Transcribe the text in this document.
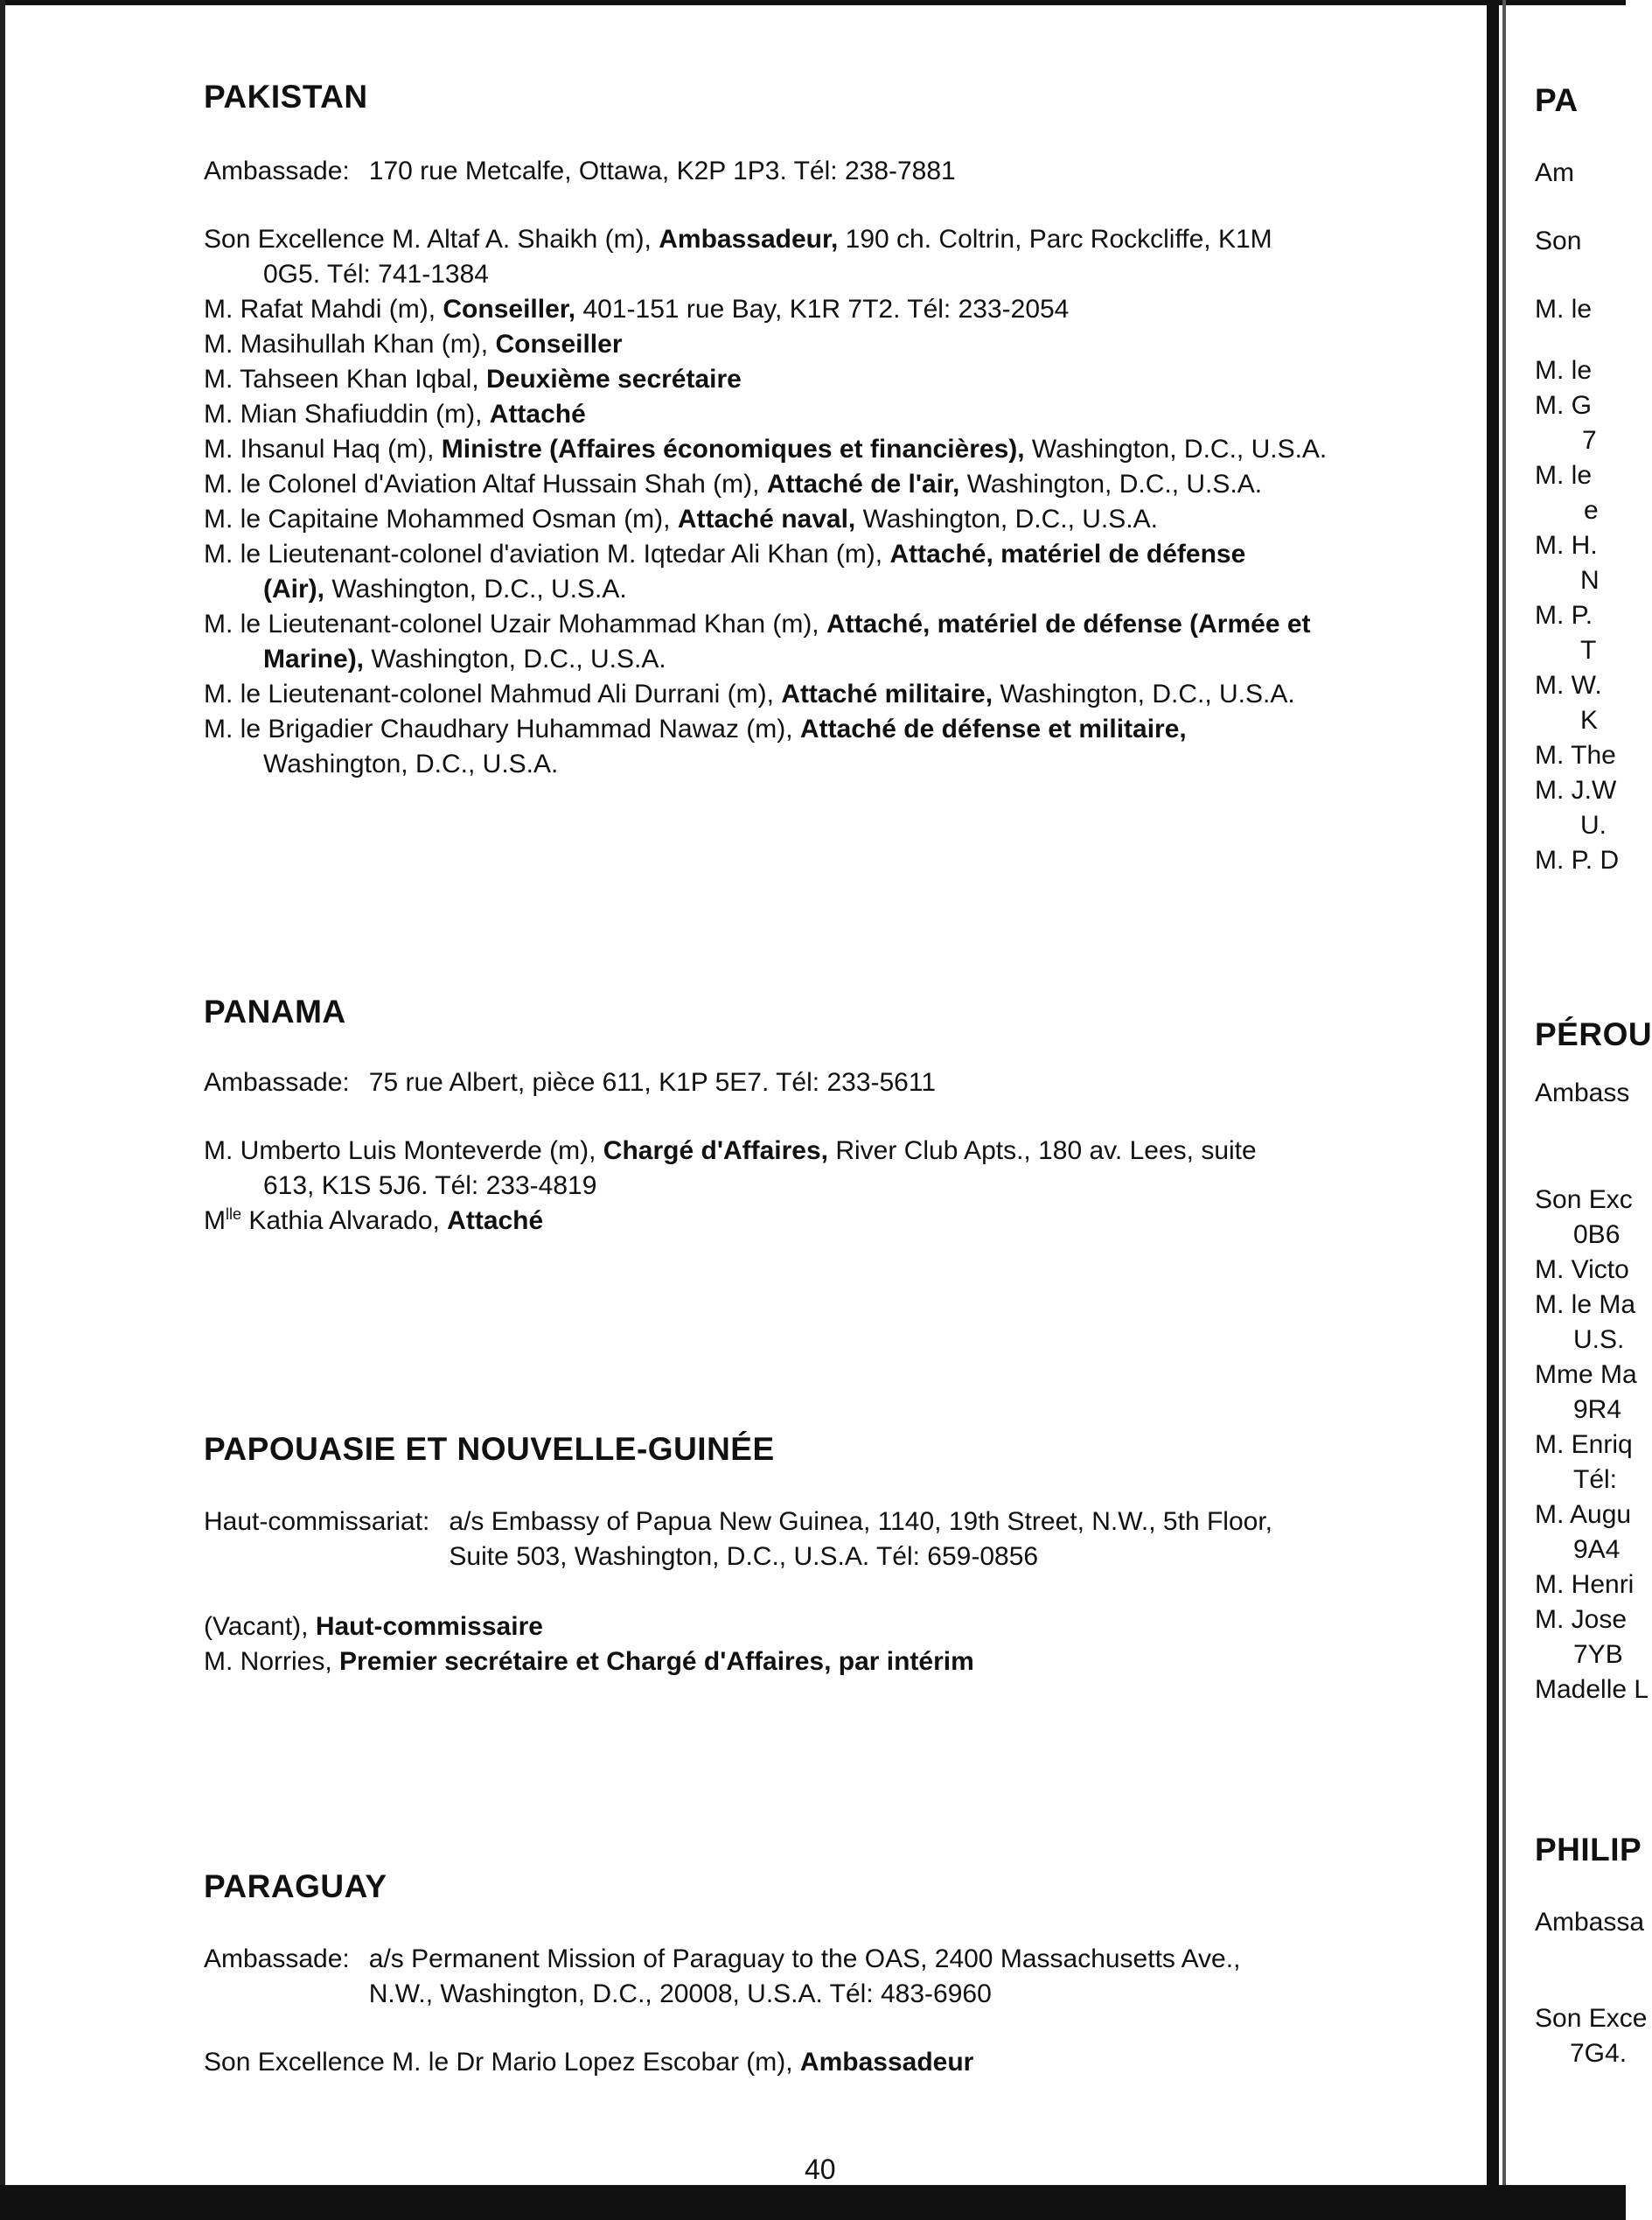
PAKISTAN
Ambassade: 170 rue Metcalfe, Ottawa, K2P 1P3. Tél: 238-7881
Son Excellence M. Altaf A. Shaikh (m), Ambassadeur, 190 ch. Coltrin, Parc Rockcliffe, K1M
0G5. Tél: 741-1384
M. Rafat Mahdi (m), Conseiller, 401-151 rue Bay, K1R 7T2. Tél: 233-2054
M. Masihullah Khan (m), Conseiller
M. Tahseen Khan Iqbal, Deuxième secrétaire
M. Mian Shafiuddin (m), Attaché
M. Ihsanul Haq (m), Ministre (Affaires économiques et financières), Washington, D.C., U.S.A.
M. le Colonel d'Aviation Altaf Hussain Shah (m), Attaché de l'air, Washington, D.C., U.S.A.
M. le Capitaine Mohammed Osman (m), Attaché naval, Washington, D.C., U.S.A.
M. le Lieutenant-colonel d'aviation M. Iqtedar Ali Khan (m), Attaché, matériel de défense
(Air), Washington, D.C., U.S.A.
M. le Lieutenant-colonel Uzair Mohammad Khan (m), Attaché, matériel de défense (Armée et
Marine), Washington, D.C., U.S.A.
M. le Lieutenant-colonel Mahmud Ali Durrani (m), Attaché militaire, Washington, D.C., U.S.A.
M. le Brigadier Chaudhary Huhammad Nawaz (m), Attaché de défense et militaire,
Washington, D.C., U.S.A.
PANAMA
Ambassade: 75 rue Albert, pièce 611, K1P 5E7. Tél: 233-5611
M. Umberto Luis Monteverde (m), Chargé d'Affaires, River Club Apts., 180 av. Lees, suite
613, K1S 5J6. Tél: 233-4819
$M^{lle}$ Kathia Alvarado, Attaché
PAPOUASIE ET NOUVELLE-GUINÉE
Haut-commissariat: a/s Embassy of Papua New Guinea, 1140, 19th Street, N.W., 5th Floor,
Suite 503, Washington, D.C., U.S.A. Tél: 659-0856
(Vacant), Haut-commissaire
M. Norries, Premier secrétaire et Chargé d'Affaires, par intérim
PARAGUAY
Ambassade: a/s Permanent Mission of Paraguay to the OAS, 2400 Massachusetts Ave.,
N.W., Washington, D.C., 20008, U.S.A. Tél: 483-6960
Son Excellence M. le Dr Mario Lopez Escobar (m), Ambassadeur
40
PA
Am
Son
M. le
M. le
M. G
7
M. le
e
M. H.
N
M. P.
T
M. W.
K
M. The
M. J.W
U.
M. P. D
PÉROU
Ambass
Son Exc
0B6
M. Victo
M. le Ma
U.S.
Mme Ma
9R4
M. Enriq
Tél:
M. Augu
9A4
M. Henri
M. Jose
7YB
Madelle L
PHILIP
Ambassa
Son Exce
7G4.
